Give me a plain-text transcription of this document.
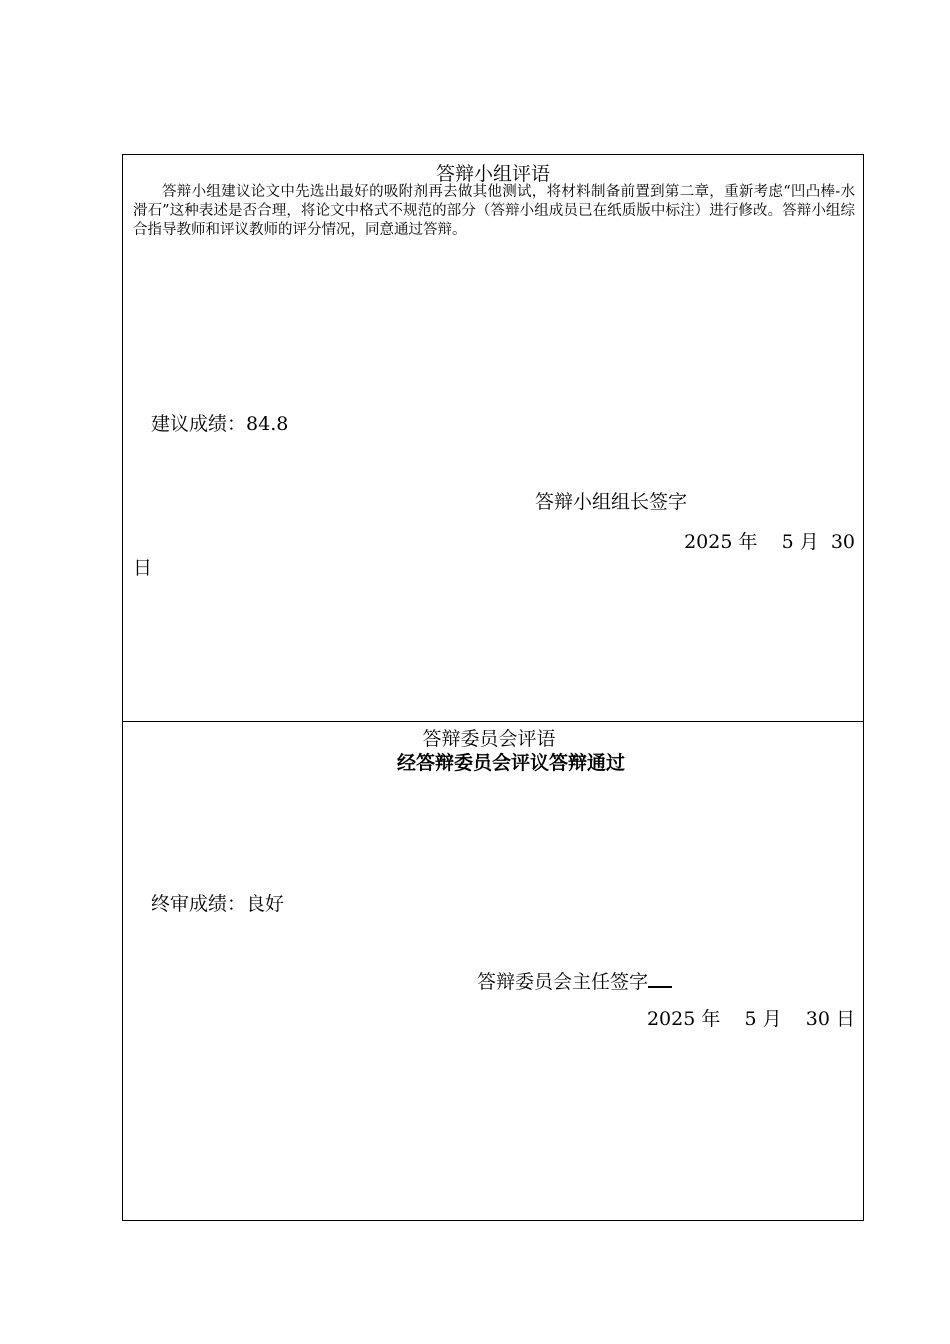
答辩小组评语
答辩小组建议论文中先选出最好的吸附剂再去做其他测试，将材料制备前置到第二章，重新考虑“凹凸棒-水滑石”这种表述是否合理，将论文中格式不规范的部分（答辩小组成员已在纸质版中标注）进行修改。答辩小组综合指导教师和评议教师的评分情况，同意通过答辩。
建议成绩：84.8
答辩小组组长签字
2025 年    5 月  30
日
答辩委员会评语
经答辩委员会评议答辩通过
终审成绩：良好
答辩委员会主任签字
2025 年    5 月    30 日
